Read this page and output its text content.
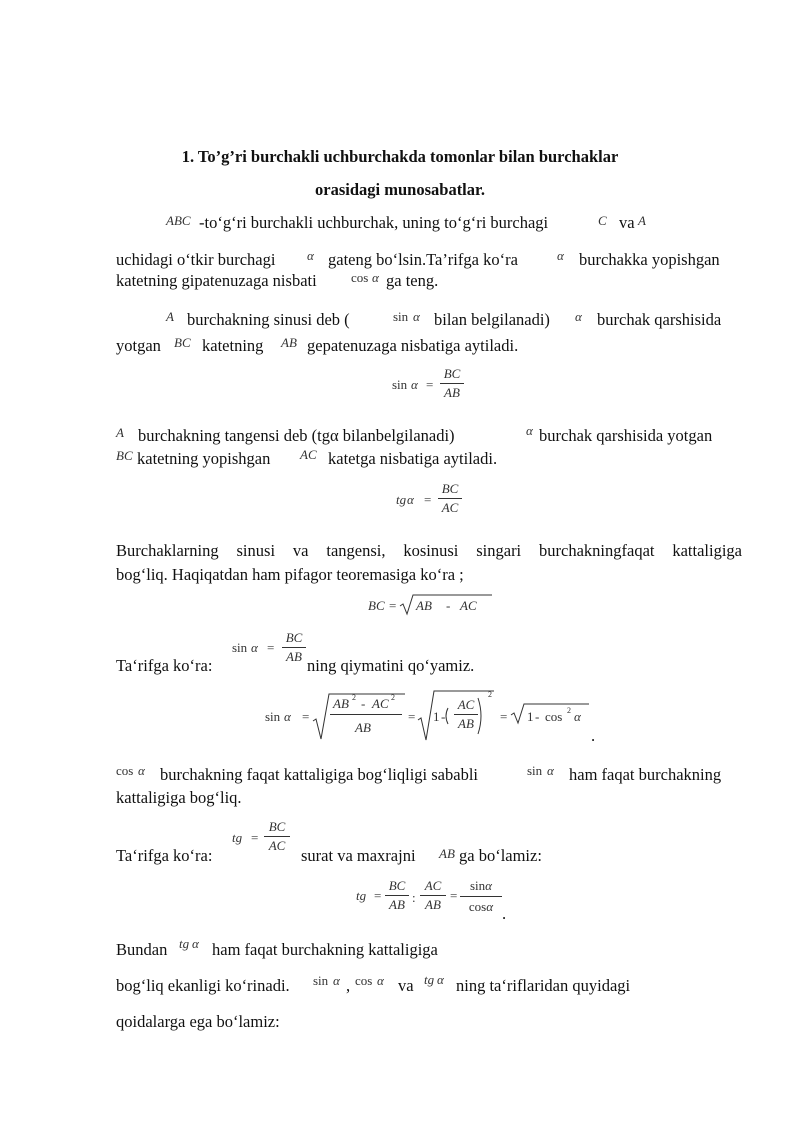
1. To’g’ri burchakli uchburchakda tomonlar bilan burchaklar
orasidagi munosabatlar.
ABC -to‘g‘ri burchakli uchburchak, uning to‘g‘ri burchagi	C va A
uchidagi o‘tkir burchagi α gateng bo‘lsin.Ta’rifga ko‘ra	α burchakka yopishgan
katetning gipatenuzaga nisbati	cos α ga teng.
A burchakning sinusi deb (	sin α bilan belgilanadi) α burchak qarshisida
yotgan BC katetning AB gepatenuzaga nisbatiga aytiladi.
sin α =
BC
AB
A burchakning tangensi deb (tgα bilanbelgilanadi)	α burchak qarshisida yotgan
BC katetning yopishgan AC katetga nisbatiga aytiladi.
tg α =
BC
AC
Burchaklarning sinusi va tangensi, kosinusi singari burchakningfaqat kattaligiga
bog‘liq. Haqiqatdan ham pifagor teoremasiga ko‘ra ;
BC = AB - AC
Ta‘rifga ko‘ra:
sin α =
BC
AB ning qiymatini qo‘yamiz.
sin α =
AB 2 - AC 2
AB
= 1 -
AC
AB
2
= 1 - cos 2 α
.
cos α burchakning faqat kattaligiga bog‘liqligi sababli	sin α ham faqat burchakning
kattaligiga bog‘liq.
Ta‘rifga ko‘ra:
tg =
BC
AC
surat va maxrajni AB ga bo‘lamiz:
tg =
BC
AB :
AC
AB
=
sinα
cosα .
Bundan tg α ham faqat burchakning kattaligiga
bog‘liq ekanligi ko‘rinadi. sin α , cos α va tg α ning ta‘riflaridan quyidagi
qoidalarga ega bo‘lamiz:
